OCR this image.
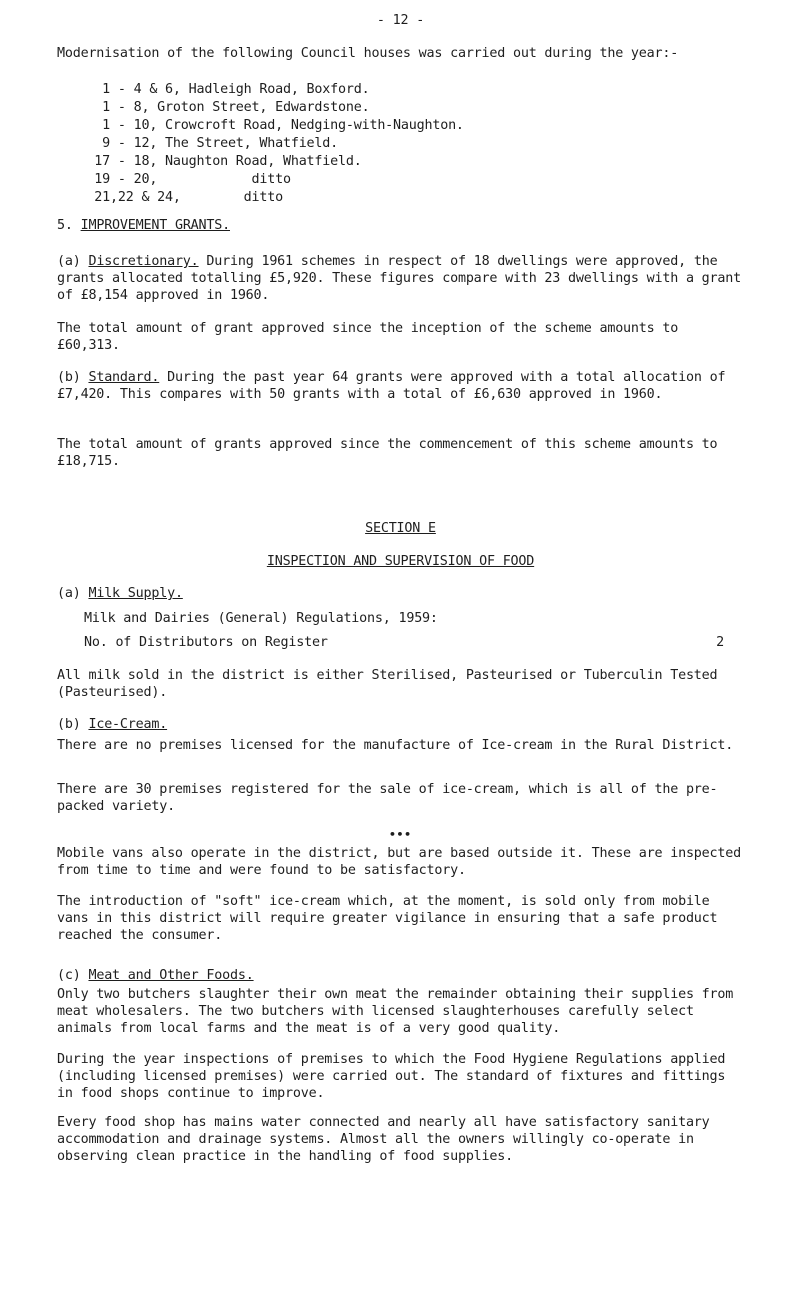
- 12 -

Modernisation of the following Council houses was carried out during the year:-

1 - 4 & 6, Hadleigh Road, Boxford.
1 - 8, Groton Street, Edwardstone.
1 - 10, Crowcroft Road, Nedging-with-Naughton.
9 - 12, The Street, Whatfield.
17 - 18, Naughton Road, Whatfield.
19 - 20,            ditto
21,22 & 24,        ditto
5. IMPROVEMENT GRANTS.

(a) Discretionary. During 1961 schemes in respect of 18 dwellings were approved, the grants allocated totalling £5,920. These figures compare with 23 dwellings with a grant of £8,154 approved in 1960.

The total amount of grant approved since the inception of the scheme amounts to £60,313.

(b) Standard. During the past year 64 grants were approved with a total allocation of £7,420. This compares with 50 grants with a total of £6,630 approved in 1960.

The total amount of grants approved since the commencement of this scheme amounts to £18,715.

•••
SECTION E
INSPECTION AND SUPERVISION OF FOOD
(a) Milk Supply.
Milk and Dairies (General) Regulations, 1959:
No. of Distributors on Register	2

All milk sold in the district is either Sterilised, Pasteurised or Tuberculin Tested (Pasteurised).

(b) Ice-Cream.

There are no premises licensed for the manufacture of Ice-cream in the Rural District.

There are 30 premises registered for the sale of ice-cream, which is all of the pre-packed variety.

Mobile vans also operate in the district, but are based outside it. These are inspected from time to time and were found to be satisfactory.

The introduction of "soft" ice-cream which, at the moment, is sold only from mobile vans in this district will require greater vigilance in ensuring that a safe product reached the consumer.

(c) Meat and Other Foods.

Only two butchers slaughter their own meat the remainder obtaining their supplies from meat wholesalers. The two butchers with licensed slaughterhouses carefully select animals from local farms and the meat is of a very good quality.

During the year inspections of premises to which the Food Hygiene Regulations applied (including licensed premises) were carried out. The standard of fixtures and fittings in food shops continue to improve.

Every food shop has mains water connected and nearly all have satisfactory sanitary accommodation and drainage systems. Almost all the owners willingly co-operate in observing clean practice in the handling of food supplies.
